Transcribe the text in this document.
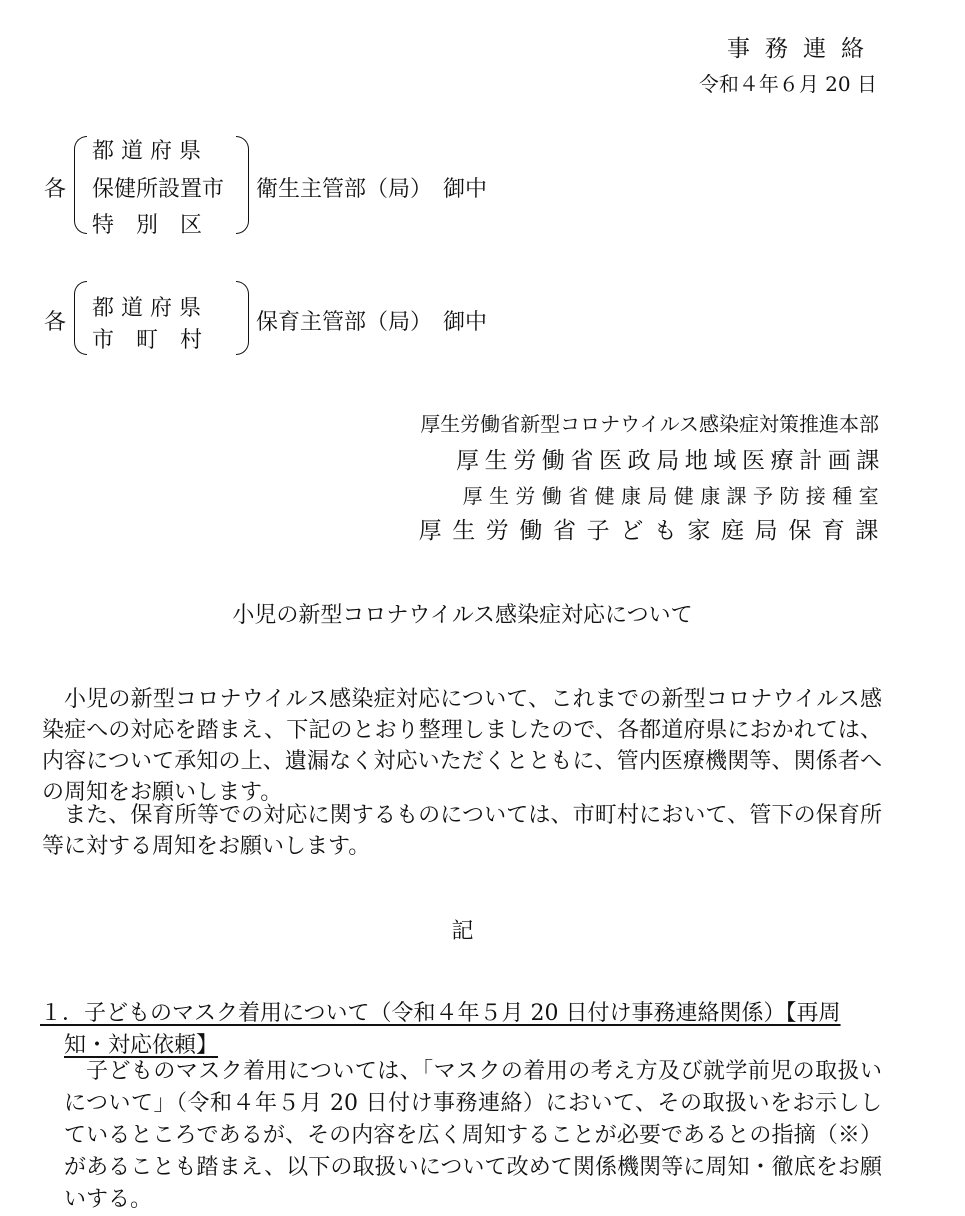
事務連絡
令和４年６月 20 日
各
都 道 府 県
保健所設置市
特　別　区
衛生主管部（局）　御中
各
都 道 府 県
市　町　村
保育主管部（局）　御中
厚生労働省新型コロナウイルス感染症対策推進本部
厚生労働省医政局地域医療計画課
厚生労働省健康局健康課予防接種室
厚生労働省子ども家庭局保育課
小児の新型コロナウイルス感染症対応について
小児の新型コロナウイルス感染症対応について、これまでの新型コロナウイルス感染症への対応を踏まえ、下記のとおり整理しましたので、各都道府県におかれては、内容について承知の上、遺漏なく対応いただくとともに、管内医療機関等、関係者への周知をお願いします。
また、保育所等での対応に関するものについては、市町村において、管下の保育所等に対する周知をお願いします。
記
１．子どものマスク着用について（令和４年５月 20 日付け事務連絡関係）【再周
知・対応依頼】
子どものマスク着用については、「マスクの着用の考え方及び就学前児の取扱いについて」（令和４年５月 20 日付け事務連絡）において、その取扱いをお示ししているところであるが、その内容を広く周知することが必要であるとの指摘（※）があることも踏まえ、以下の取扱いについて改めて関係機関等に周知・徹底をお願いする。
